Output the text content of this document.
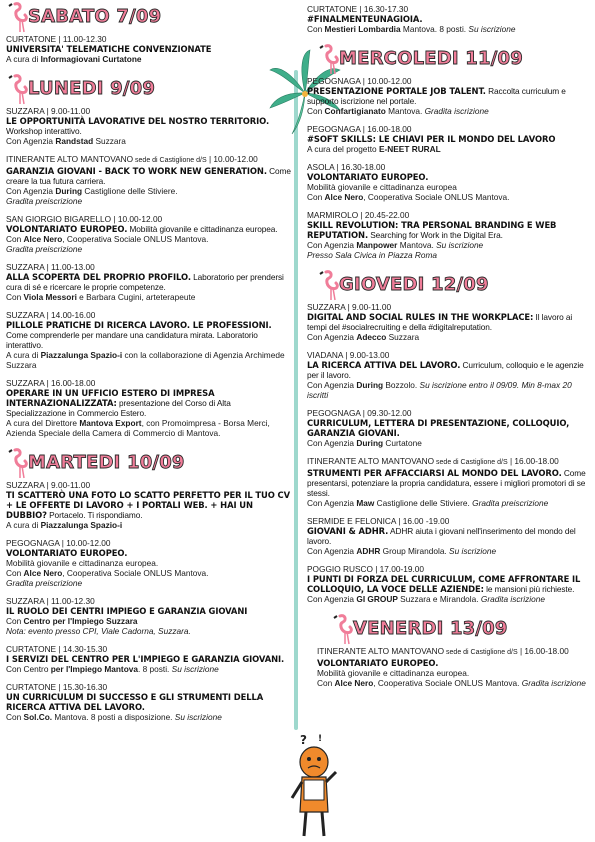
? !
SABATO 7/09
CURTATONE | 11.00-12.30
UNIVERSITA' TELEMATICHE CONVENZIONATE
A cura di Informagiovani Curtatone
LUNEDI 9/09
SUZZARA | 9.00-11.00
LE OPPORTUNITÀ LAVORATIVE DEL NOSTRO TERRITORIO. Workshop interattivo.
Con Agenzia Randstad Suzzara
ITINERANTE ALTO MANTOVANO sede di Castiglione d/S | 10.00-12.00
GARANZIA GIOVANI - BACK TO WORK NEW GENERATION. Come creare la tua futura carriera.
Con Agenzia During Castiglione delle Stiviere.
Gradita preiscrizione
SAN GIORGIO BIGARELLO | 10.00-12.00
VOLONTARIATO EUROPEO. Mobilità giovanile e cittadinanza europea.
Con Alce Nero, Cooperativa Sociale ONLUS Mantova.
Gradita preiscrizione
SUZZARA | 11.00-13.00
ALLA SCOPERTA DEL PROPRIO PROFILO. Laboratorio per prendersi cura di sé e ricercare le proprie competenze.
Con Viola Messori e Barbara Cugini, arteterapeute
SUZZARA | 14.00-16.00
PILLOLE PRATICHE DI RICERCA LAVORO. LE PROFESSIONI. Come comprenderle per mandare una candidatura mirata. Laboratorio interattivo.
A cura di Piazzalunga Spazio-i con la collaborazione di Agenzia Archimede Suzzara
SUZZARA | 16.00-18.00
OPERARE IN UN UFFICIO ESTERO DI IMPRESA INTERNAZIONALIZZATA: presentazione del Corso di Alta Specializzazione in Commercio Estero.
A cura del Direttore Mantova Export, con Promoimpresa - Borsa Merci, Azienda Speciale della Camera di Commercio di Mantova.
MARTEDI 10/09
SUZZARA | 9.00-11.00
TI SCATTERÒ UNA FOTO LO SCATTO PERFETTO PER IL TUO CV + LE OFFERTE DI LAVORO + I PORTALI WEB. + HAI UN DUBBIO? Portacelo. Ti rispondiamo.
A cura di Piazzalunga Spazio-i
PEGOGNAGA | 10.00-12.00
VOLONTARIATO EUROPEO.
Mobilità giovanile e cittadinanza europea.
Con Alce Nero, Cooperativa Sociale ONLUS Mantova.
Gradita preiscrizione
SUZZARA | 11.00-12.30
IL RUOLO DEI CENTRI IMPIEGO E GARANZIA GIOVANI
Con Centro per l'Impiego Suzzara
Nota: evento presso CPI, Viale Cadorna, Suzzara.
CURTATONE | 14.30-15.30
I SERVIZI DEL CENTRO PER L'IMPIEGO E GARANZIA GIOVANI.
Con Centro per l'Impiego Mantova. 8 posti. Su iscrizione
CURTATONE | 15.30-16.30
UN CURRICULUM DI SUCCESSO E GLI STRUMENTI DELLA RICERCA ATTIVA DEL LAVORO.
Con Sol.Co. Mantova. 8 posti a disposizione. Su iscrizione
CURTATONE | 16.30-17.30
#FINALMENTEUNAGIOIA.
Con Mestieri Lombardia Mantova. 8 posti. Su iscrizione
MERCOLEDI 11/09
PEGOGNAGA | 10.00-12.00
PRESENTAZIONE PORTALE JOB TALENT. Raccolta curriculum e supporto iscrizione nel portale.
Con Confartigianato Mantova. Gradita iscrizione
PEGOGNAGA | 16.00-18.00
#SOFT SKILLS: LE CHIAVI PER IL MONDO DEL LAVORO
A cura del progetto E-NEET RURAL
ASOLA | 16.30-18.00
VOLONTARIATO EUROPEO.
Mobilità giovanile e cittadinanza europea
Con Alce Nero, Cooperativa Sociale ONLUS Mantova.
MARMIROLO | 20.45-22.00
SKILL REVOLUTION: TRA PERSONAL BRANDING E WEB REPUTATION. Searching for Work in the Digital Era.
Con Agenzia Manpower Mantova. Su iscrizione
Presso Sala Civica in Piazza Roma
GIOVEDI 12/09
SUZZARA | 9.00-11.00
DIGITAL AND SOCIAL RULES IN THE WORKPLACE: Il lavoro ai tempi del #socialrecruiting e della #digitalreputation.
Con Agenzia Adecco Suzzara
VIADANA | 9.00-13.00
LA RICERCA ATTIVA DEL LAVORO. Curriculum, colloquio e le agenzie per il lavoro.
Con Agenzia During Bozzolo. Su iscrizione entro il 09/09. Min 8-max 20 iscritti
PEGOGNAGA | 09.30-12.00
CURRICULUM, LETTERA DI PRESENTAZIONE, COLLOQUIO, GARANZIA GIOVANI.
Con Agenzia During Curtatone
ITINERANTE ALTO MANTOVANO sede di Castiglione d/S | 16.00-18.00
STRUMENTI PER AFFACCIARSI AL MONDO DEL LAVORO. Come presentarsi, potenziare la propria candidatura, essere i migliori promotori di se stessi.
Con Agenzia Maw Castiglione delle Stiviere. Gradita preiscrizione
SERMIDE E FELONICA | 16.00 -19.00
GIOVANI & ADHR. ADHR aiuta i giovani nell'inserimento del mondo del lavoro.
Con Agenzia ADHR Group Mirandola. Su iscrizione
POGGIO RUSCO | 17.00-19.00
I PUNTI DI FORZA DEL CURRICULUM, COME AFFRONTARE IL COLLOQUIO, LA VOCE DELLE AZIENDE: le mansioni più richieste.
Con Agenzia GI GROUP Suzzara e Mirandola. Gradita iscrizione
VENERDI 13/09
ITINERANTE ALTO MANTOVANO sede di Castiglione d/S | 16.00-18.00
VOLONTARIATO EUROPEO.
Mobilità giovanile e cittadinanza europea.
Con Alce Nero, Cooperativa Sociale ONLUS Mantova. Gradita iscrizione
